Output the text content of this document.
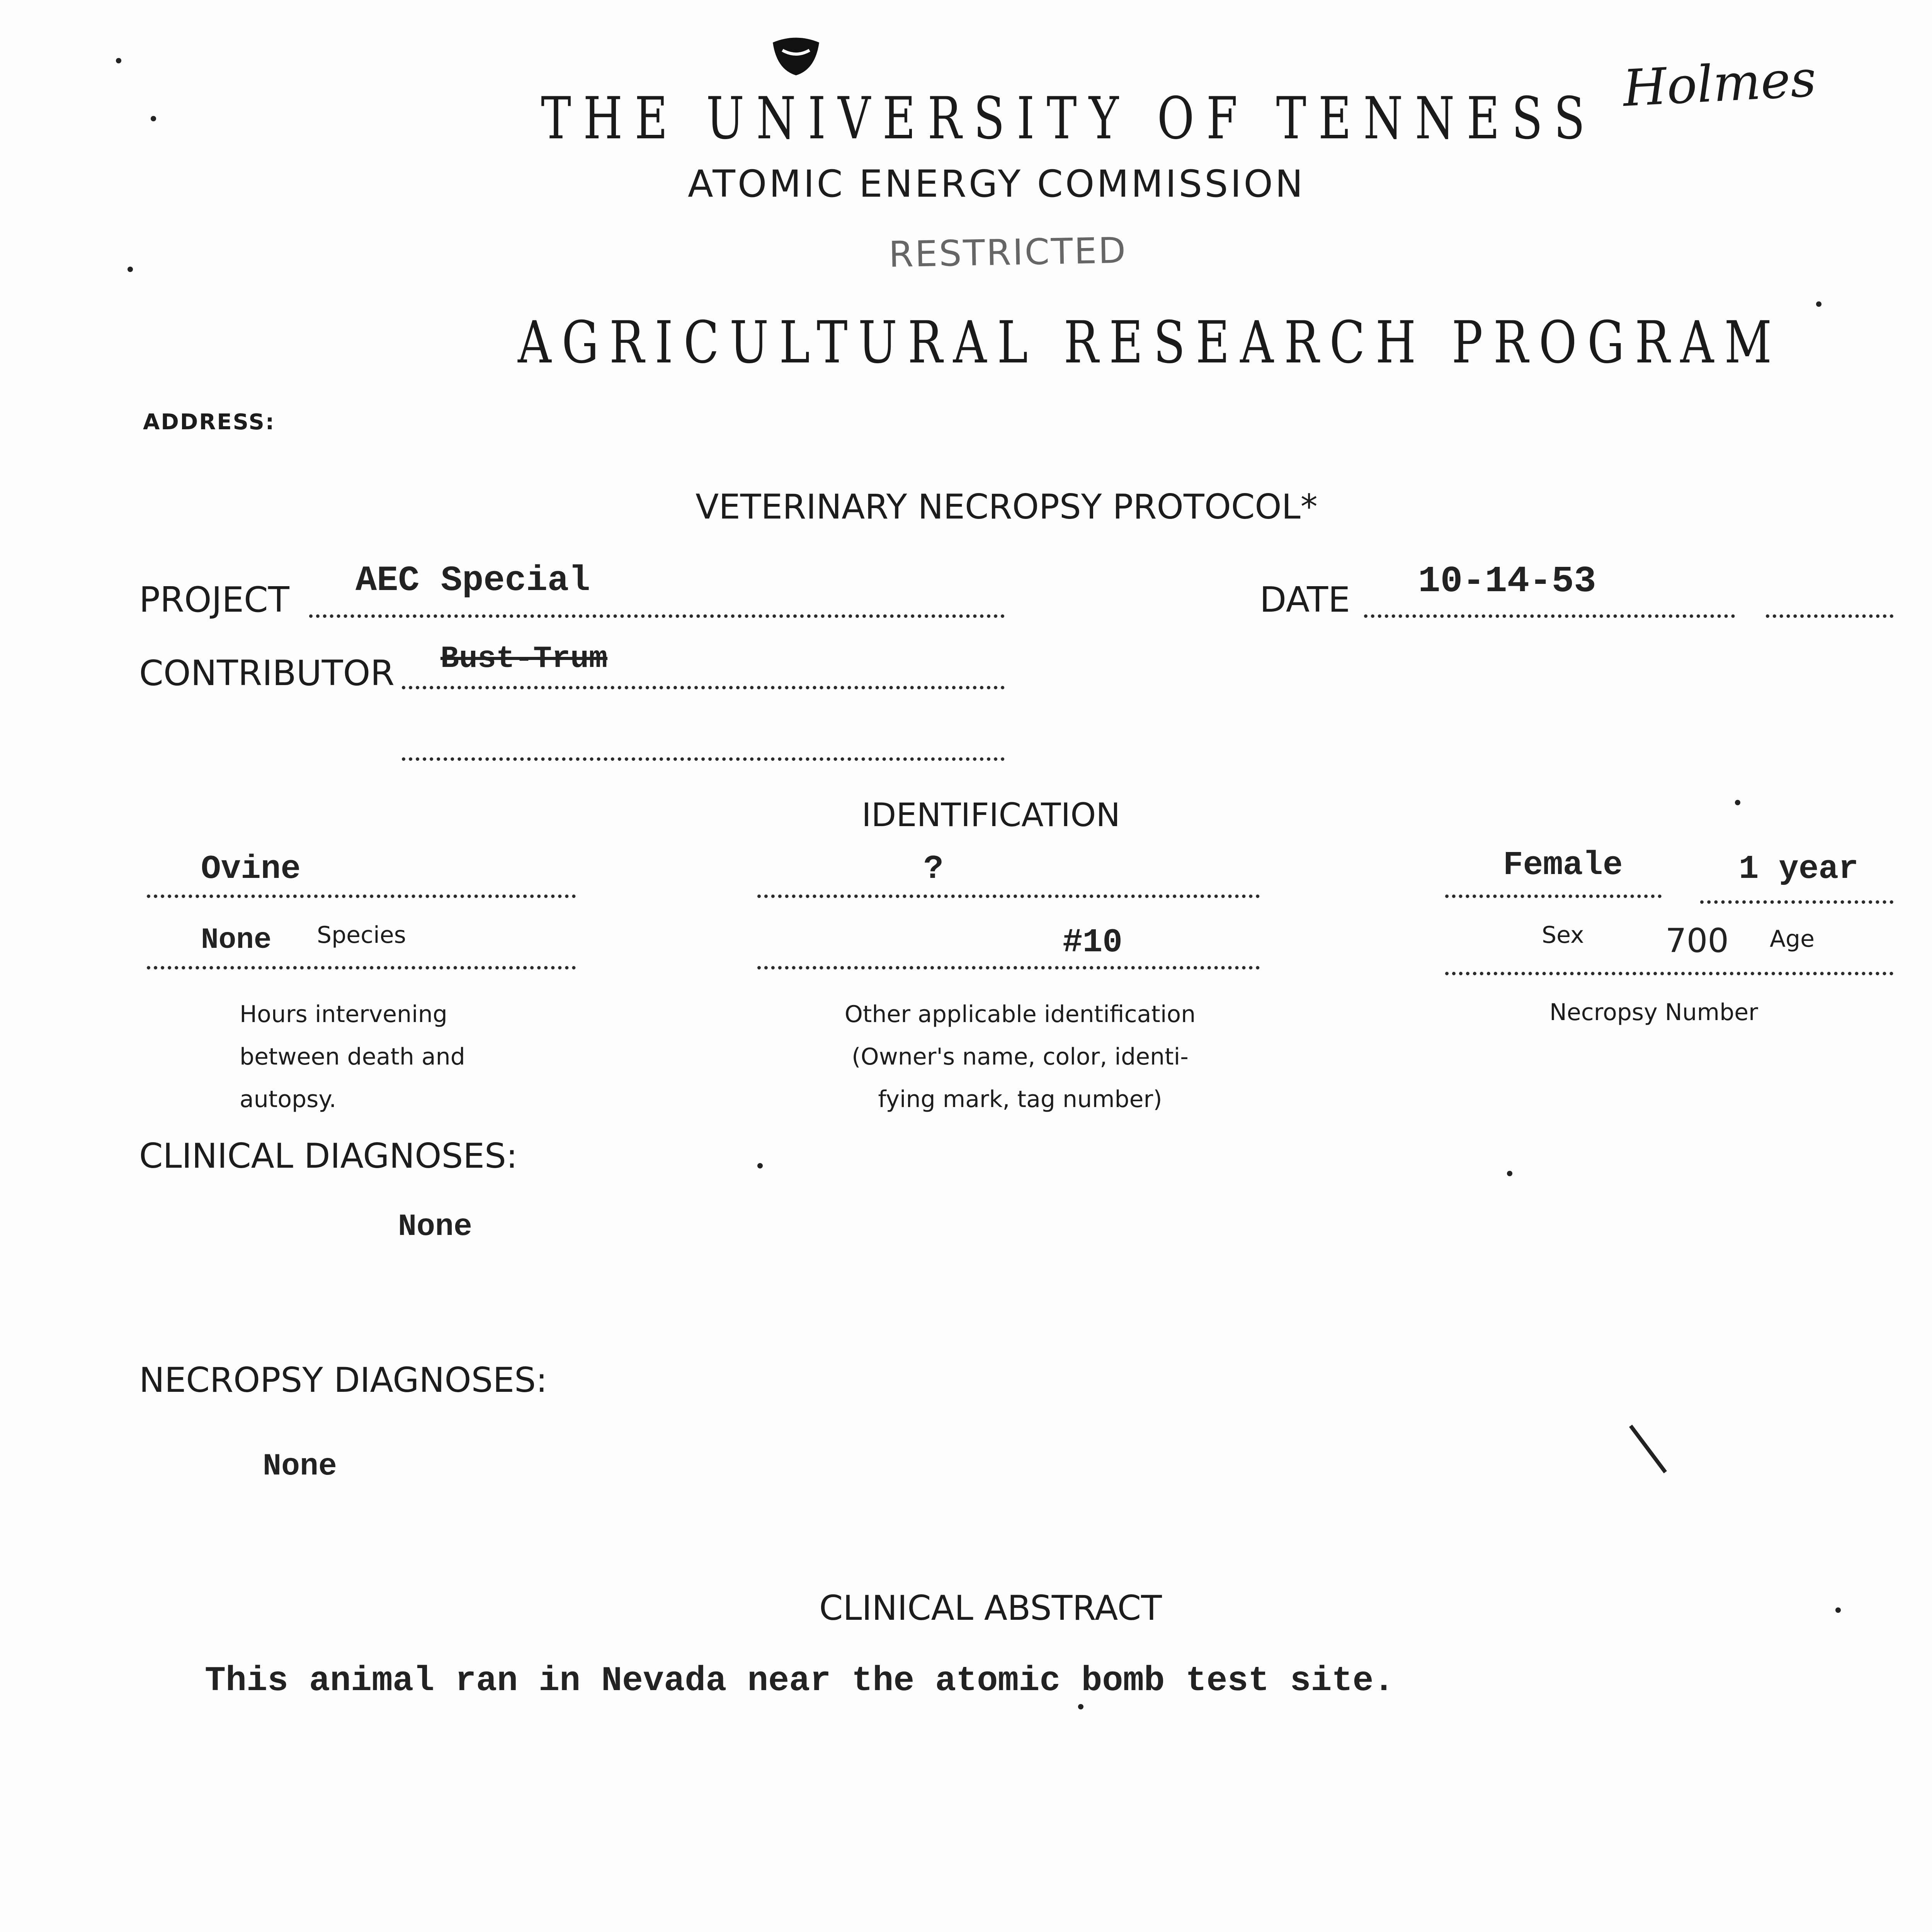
THE UNIVERSITY OF TENNESS
ATOMIC ENERGY COMMISSION
RESTRICTED
AGRICULTURAL RESEARCH PROGRAM
Holmes
ADDRESS:
VETERINARY NECROPSY PROTOCOL*
PROJECT AEC Special	DATE 10-14-53
CONTRIBUTOR Bust-Trum
IDENTIFICATION
Ovine	?	Female	1 year
None Species	#10	Sex 700 Age
Hours intervening
between death and
autopsy.
Other applicable identification
(Owner's name, color, identi-
fying mark, tag number)
Necropsy Number
CLINICAL DIAGNOSES:
None
NECROPSY DIAGNOSES:
None
CLINICAL ABSTRACT
This animal ran in Nevada near the atomic bomb test site.
